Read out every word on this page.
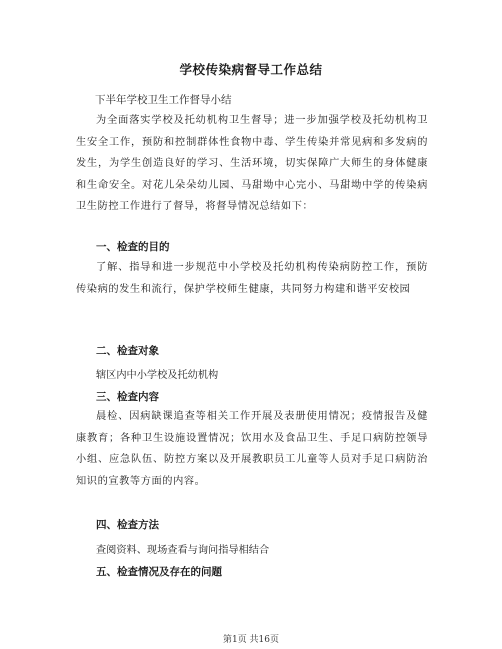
学校传染病督导工作总结
下半年学校卫生工作督导小结

为全面落实学校及托幼机构卫生督导；进一步加强学校及托幼机构卫生安全工作，预防和控制群体性食物中毒、学生传染并常见病和多发病的发生，为学生创造良好的学习、生活环境，切实保障广大师生的身体健康和生命安全。对花儿朵朵幼儿园、马甜坳中心完小、马甜坳中学的传染病卫生防控工作进行了督导，将督导情况总结如下：

一、检查的目的

了解、指导和进一步规范中小学校及托幼机构传染病防控工作，预防传染病的发生和流行，保护学校师生健康，共同努力构建和谐平安校园

二、检查对象
辖区内中小学校及托幼机构
三、检查内容

晨检、因病缺课追查等相关工作开展及表册使用情况；疫情报告及健康教育；各种卫生设施设置情况；饮用水及食品卫生、手足口病防控领导小组、应急队伍、防控方案以及开展教职员工儿童等人员对手足口病防治知识的宣教等方面的内容。

四、检查方法
查阅资料、现场查看与询问指导相结合
五、检查情况及存在的问题
第1页 共16页
